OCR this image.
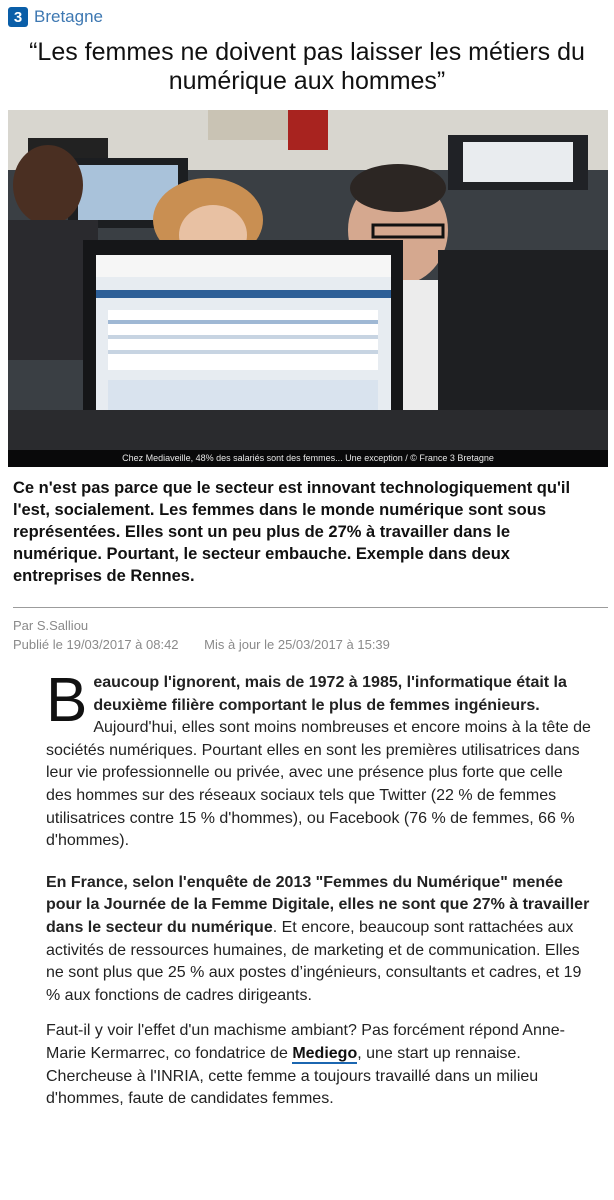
3 Bretagne
“Les femmes ne doivent pas laisser les métiers du numérique aux hommes”
Chez Mediaveille, 48% des salariés sont des femmes... Une exception / © France 3 Bretagne

Ce n'est pas parce que le secteur est innovant technologiquement qu'il l'est, socialement. Les femmes dans le monde numérique sont sous représentées. Elles sont un peu plus de 27% à travailler dans le numérique. Pourtant, le secteur embauche. Exemple dans deux entreprises de Rennes.

Par S.Salliou
Publié le 19/03/2017 à 08:42 Mis à jour le 25/03/2017 à 15:39

Beaucoup l'ignorent, mais de 1972 à 1985, l'informatique était la deuxième filière comportant le plus de femmes ingénieurs. Aujourd'hui, elles sont moins nombreuses et encore moins à la tête de sociétés numériques. Pourtant elles en sont les premières utilisatrices dans leur vie professionnelle ou privée, avec une présence plus forte que celle des hommes sur des réseaux sociaux tels que Twitter (22 % de femmes utilisatrices contre 15 % d'hommes), ou Facebook (76 % de femmes, 66 % d'hommes).

En France, selon l'enquête de 2013 "Femmes du Numérique" menée pour la Journée de la Femme Digitale, elles ne sont que 27% à travailler dans le secteur du numérique. Et encore, beaucoup sont rattachées aux activités de ressources humaines, de marketing et de communication. Elles ne sont plus que 25 % aux postes d’ingénieurs, consultants et cadres, et 19 % aux fonctions de cadres dirigeants.

Faut-il y voir l'effet d'un machisme ambiant? Pas forcément répond Anne-Marie Kermarrec, co fondatrice de Mediego, une start up rennaise. Chercheuse à l'INRIA, cette femme a toujours travaillé dans un milieu d'hommes, faute de candidates femmes.
